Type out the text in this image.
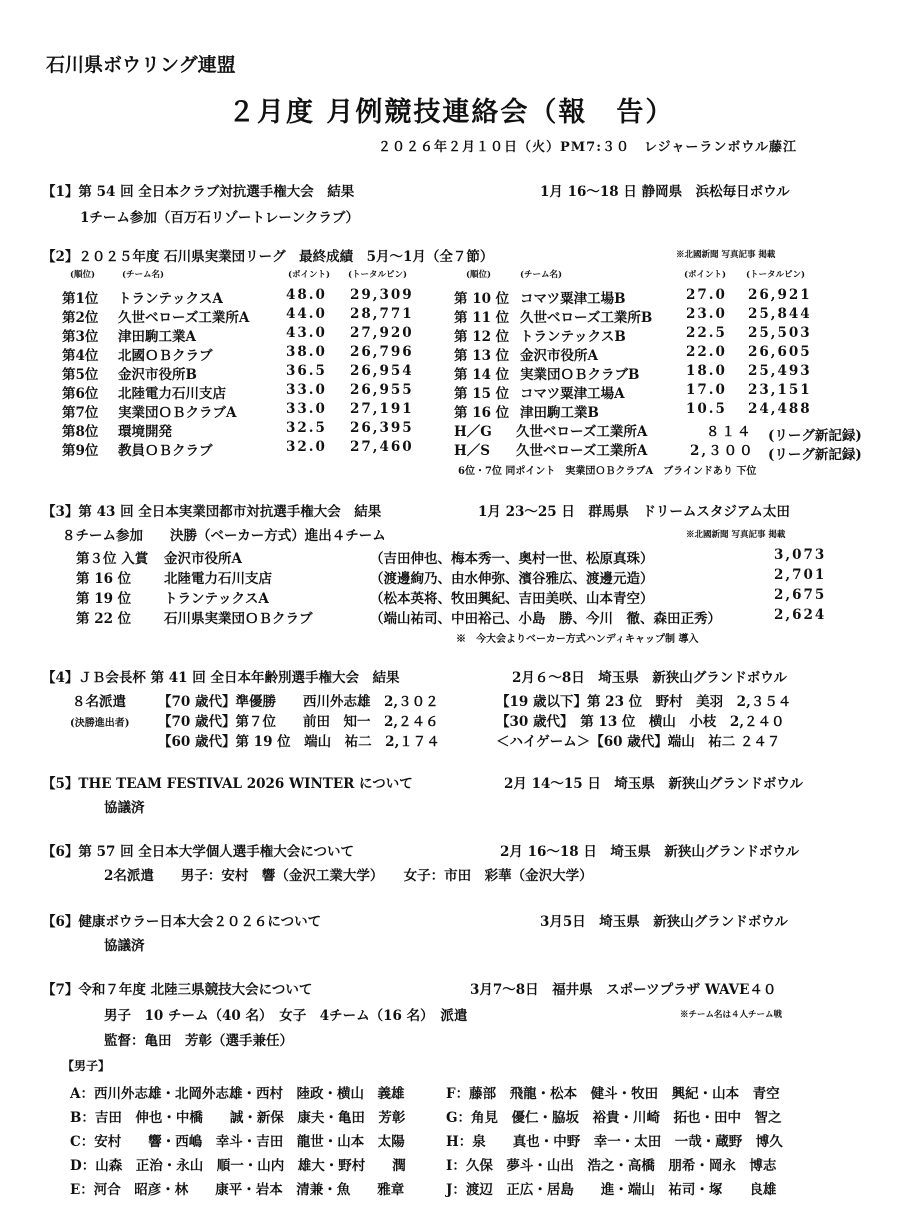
石川県ボウリング連盟
２月度 月例競技連絡会（報　告）
２０２６年２月１０日（火）PM7:３０　レジャーランボウル藤江
【1】第 54 回 全日本クラブ対抗選手権大会　結果	1月 16～18 日 静岡県　浜松毎日ボウル
1チーム参加（百万石リゾートレーンクラブ）
【2】２０２５年度 石川県実業団リーグ　最終成績　5月～1月（全７節）	※北國新聞 写真記事 掲載
(順位)	(チーム名)	(ポイント) (トータルピン)	(順位)	(チーム名)	(ポイント) (トータルピン)
第1位 トランテックスA	48.0 29,309
第2位 久世ベローズ工業所A	44.0 28,771
第3位 津田駒工業A	43.0 27,920
第4位 北國ＯＢクラブ	38.0 26,796
第5位 金沢市役所B	36.5 26,954
第6位 北陸電力石川支店	33.0 26,955
第7位 実業団ＯＢクラブA	33.0 27,191
第8位 環境開発	32.5 26,395
第9位 教員ＯＢクラブ	32.0 27,460
第 10 位 コマツ粟津工場B	27.0 26,921
第 11 位 久世ベローズ工業所B	23.0 25,844
第 12 位 トランテックスB	22.5 25,503
第 13 位 金沢市役所A	22.0 26,605
第 14 位 実業団ＯＢクラブB	18.0 25,493
第 15 位 コマツ粟津工場A	17.0 23,151
第 16 位 津田駒工業B	10.5 24,488
H／G 久世ベローズ工業所A	８１４ (リーグ新記録)
H／S 久世ベローズ工業所A	2,３００ (リーグ新記録)
6位・7位 同ポイント　実業団ＯＢクラブA　ブラインドあり 下位
【3】第 43 回 全日本実業団都市対抗選手権大会　結果	1月 23～25 日　群馬県　ドリームスタジアム太田
８チーム参加　　決勝（ベーカー方式）進出４チーム	※北國新聞 写真記事 掲載
第３位 入賞 金沢市役所A	（吉田伸也、梅本秀一、奥村一世、松原真珠）	3,073
第 16 位 北陸電力石川支店	（渡邊絢乃、由水伸弥、濱谷雅広、渡邊元造）	2,701
第 19 位 トランテックスA	（松本英将、牧田興紀、吉田美咲、山本青空）	2,675
第 22 位 石川県実業団ＯＢクラブ	（端山祐司、中田裕己、小島　勝、今川　徹、森田正秀）	2,624
※　今大会よりベーカー方式ハンディキャップ制 導入
【4】ＪＢ会長杯 第 41 回 全日本年齢別選手権大会　結果	2月６～8日　埼玉県　新狭山グランドボウル
８名派遣
(決勝進出者)
【70 歳代】準優勝　　西川外志雄　2,３０２	【19 歳以下】第 23 位　野村　美羽　2,３５４
【70 歳代】第７位　　前田　知一　2,２４６	【30 歳代】　第 13 位　横山　小枝　2,２４０
【60 歳代】第 19 位　端山　祐二　2,１７４	＜ハイゲーム＞【60 歳代】端山　祐二 ２４７
【5】THE TEAM FESTIVAL 2026 WINTER について	2月 14～15 日　埼玉県　新狭山グランドボウル
協議済
【6】第 57 回 全日本大学個人選手権大会について	2月 16～18 日　埼玉県　新狭山グランドボウル
2名派遣　　男子：安村　響（金沢工業大学）　　女子：市田　彩華（金沢大学）
【6】健康ボウラー日本大会２０２６について	3月5日　埼玉県　新狭山グランドボウル
協議済
【7】令和７年度 北陸三県競技大会について	3月7～8日　福井県　スポーツプラザ WAVE４０
男子　10 チーム（40 名）　女子　4チーム（16 名）　派遣	※チーム名は４人チーム戦
監督：亀田　芳彰（選手兼任）
【男子】
A：西川外志雄・北岡外志雄・西村　陸政・横山　義雄
B：吉田　伸也・中橋　　誠・新保　康夫・亀田　芳彰
C：安村　　響・西嶋　幸斗・吉田　龍世・山本　太陽
D：山森　正治・永山　順一・山内　雄大・野村　　潤
E：河合　昭彦・林　　康平・岩本　清兼・魚　　雅章
F：藤部　飛龍・松本　健斗・牧田　興紀・山本　青空
G：角見　優仁・脇坂　裕貴・川崎　拓也・田中　智之
H：泉　　真也・中野　幸一・太田　一哉・蔵野　博久
I：久保　夢斗・山出　浩之・高橋　朋希・岡永　博志
J：渡辺　正広・居島　　進・端山　祐司・塚　　良雄
